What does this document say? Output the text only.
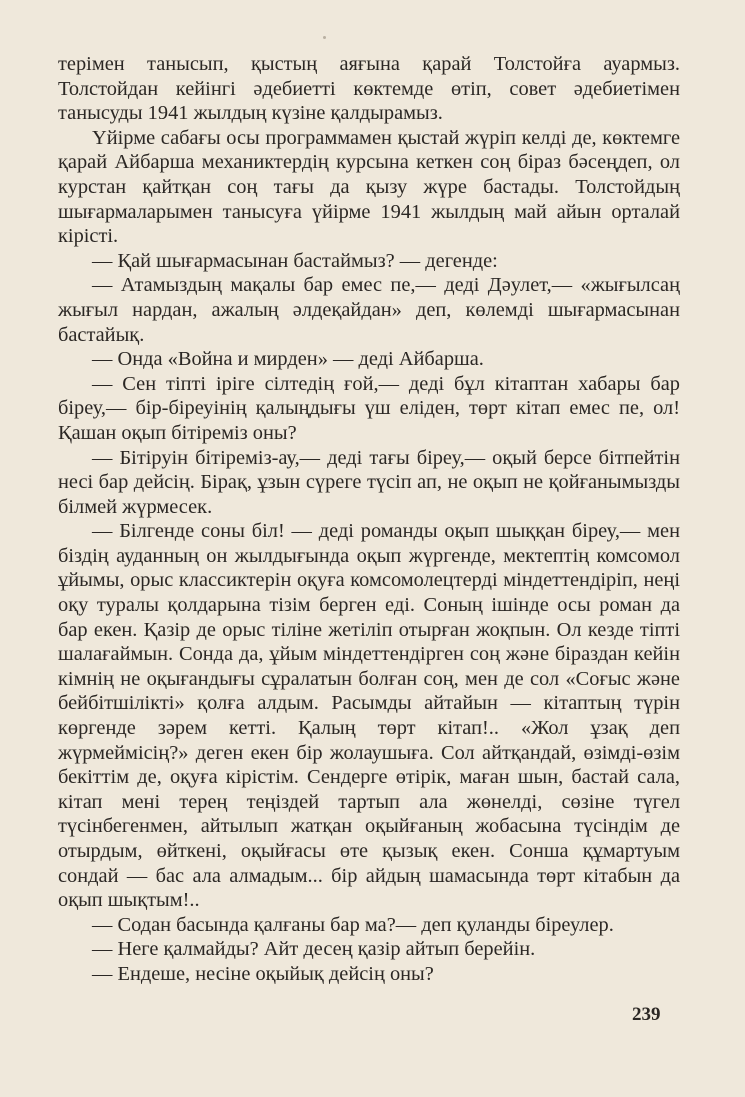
терімен танысып, қыстың аяғына қарай Толстойға ауармыз. Толстойдан кейінгі әдебиетті көктемде өтіп, совет әдебиетімен танысуды 1941 жылдың күзіне қалдырамыз.

Үйірме сабағы осы программамен қыстай жүріп келді де, көктемге қарай Айбарша механиктердің курсына кеткен соң біраз бәсеңдеп, ол курстан қайтқан соң тағы да қызу жүре бастады. Толстойдың шығармаларымен танысуға үйірме 1941 жылдың май айын орталай кірісті.

— Қай шығармасынан бастаймыз? — дегенде:

— Атамыздың мақалы бар емес пе,— деді Дәулет,— «жығылсаң жығыл нардан, ажалың әлдеқайдан» деп, көлемді шығармасынан бастайық.

— Онда «Война и мирден» — деді Айбарша.

— Сен тіпті іріге сілтедің ғой,— деді бұл кітаптан хабары бар біреу,— бір-біреуінің қалыңдығы үш еліден, төрт кітап емес пе, ол! Қашан оқып бітіреміз оны?

— Бітіруін бітіреміз-ау,— деді тағы біреу,— оқый берсе бітпейтін несі бар дейсің. Бірақ, ұзын сүреге түсіп ап, не оқып не қойғанымызды білмей жүрмесек.

— Білгенде соны біл! — деді романды оқып шыққан біреу,— мен біздің ауданның он жылдығында оқып жүргенде, мектептің комсомол ұйымы, орыс классиктерін оқуға комсомолецтерді міндеттендіріп, неңі оқу туралы қолдарына тізім берген еді. Соның ішінде осы роман да бар екен. Қазір де орыс тіліне жетіліп отырған жоқпын. Ол кезде тіпті шалағаймын. Сонда да, ұйым міндеттендірген соң және біраздан кейін кімнің не оқығандығы сұралатын болған соң, мен де сол «Соғыс және бейбітшілікті» қолға алдым. Расымды айтайын — кітаптың түрін көргенде зәрем кетті. Қалың төрт кітап!.. «Жол ұзақ деп жүрмеймісің?» деген екен бір жолаушыға. Сол айтқандай, өзімді-өзім бекіттім де, оқуға кірістім. Сендерге өтірік, маған шын, бастай сала, кітап мені терең теңіздей тартып ала жөнелді, сөзіне түгел түсінбегенмен, айтылып жатқан оқыйғаның жобасына түсіндім де отырдым, өйткені, оқыйғасы өте қызық екен. Сонша құмартуым сондай — бас ала алмадым... бір айдың шамасында төрт кітабын да оқып шықтым!..

— Содан басында қалғаны бар ма?— деп қуланды біреулер.

— Неге қалмайды? Айт десең қазір айтып берейін.

— Ендеше, несіне оқыйық дейсің оны?

239
